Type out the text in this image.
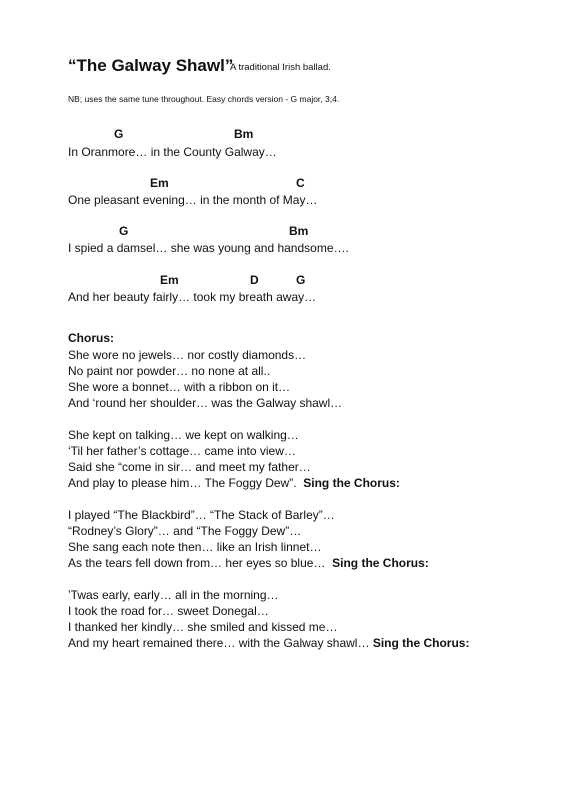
“The Galway Shawl”
A traditional Irish ballad.
NB; uses the same tune throughout. Easy chords version - G major, 3;4.
G	Bm
In Oranmore… in the County Galway…
Em	C
One pleasant evening… in the month of May…
G	Bm
I spied a damsel… she was young and handsome….
Em	D	G
And her beauty fairly… took my breath away…
Chorus:
She wore no jewels… nor costly diamonds…
No paint nor powder… no none at all..
She wore a bonnet… with a ribbon on it…
And ‘round her shoulder… was the Galway shawl…
She kept on talking… we kept on walking…
‘Til her father’s cottage… came into view…
Said she “come in sir… and meet my father…
And play to please him… The Foggy Dew”. Sing the Chorus:
I played “The Blackbird”… “The Stack of Barley”…
“Rodney’s Glory”… and “The Foggy Dew”…
She sang each note then… like an Irish linnet…
As the tears fell down from… her eyes so blue… Sing the Chorus:
’Twas early, early… all in the morning…
I took the road for… sweet Donegal…
I thanked her kindly… she smiled and kissed me…
And my heart remained there… with the Galway shawl… Sing the Chorus:
